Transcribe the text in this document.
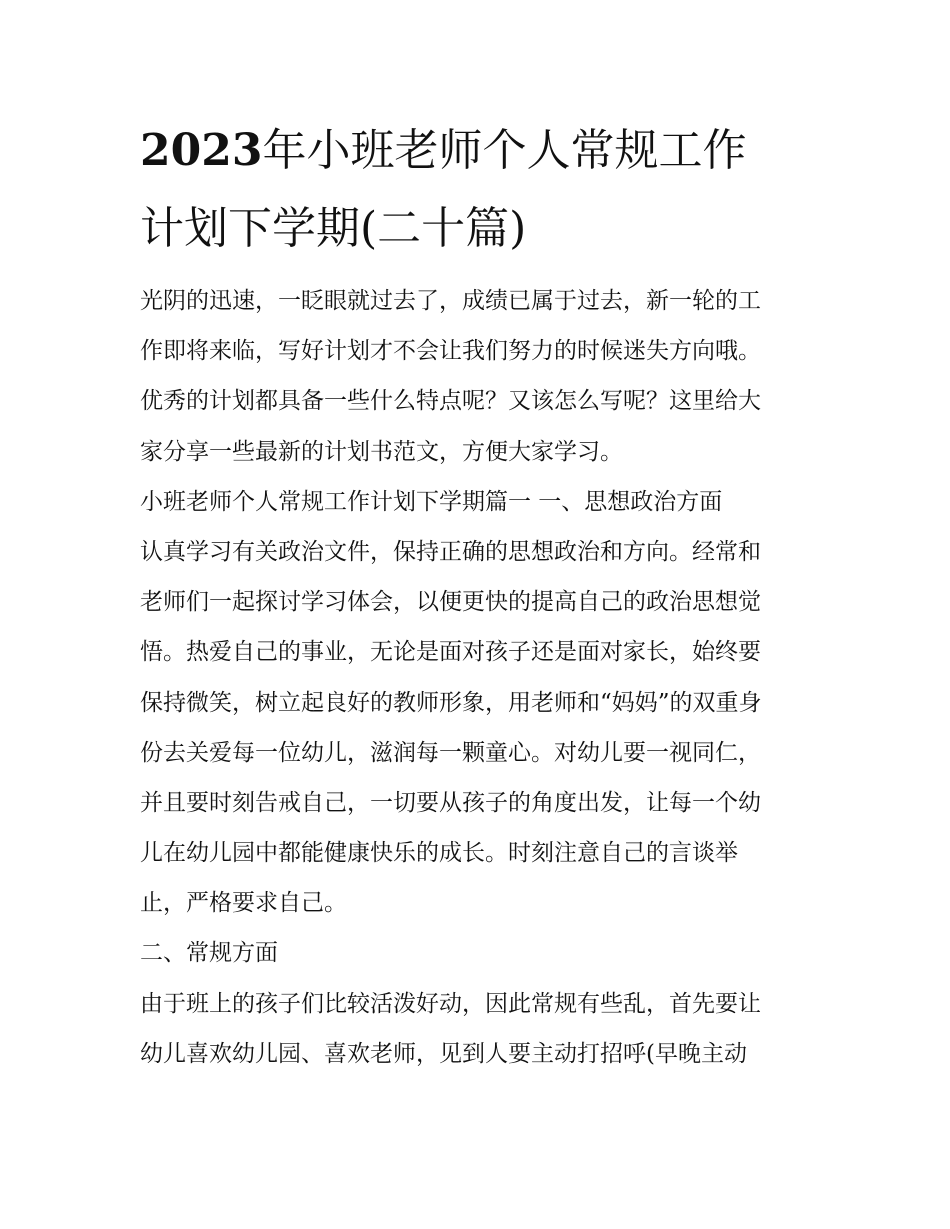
2023年小班老师个人常规工作
计划下学期(二十篇)
光阴的迅速，一眨眼就过去了，成绩已属于过去，新一轮的工
作即将来临，写好计划才不会让我们努力的时候迷失方向哦。
优秀的计划都具备一些什么特点呢？又该怎么写呢？这里给大
家分享一些最新的计划书范文，方便大家学习。
小班老师个人常规工作计划下学期篇一 一、思想政治方面
认真学习有关政治文件，保持正确的思想政治和方向。经常和
老师们一起探讨学习体会，以便更快的提高自己的政治思想觉
悟。热爱自己的事业，无论是面对孩子还是面对家长，始终要
保持微笑，树立起良好的教师形象，用老师和“妈妈”的双重身
份去关爱每一位幼儿，滋润每一颗童心。对幼儿要一视同仁，
并且要时刻告戒自己，一切要从孩子的角度出发，让每一个幼
儿在幼儿园中都能健康快乐的成长。时刻注意自己的言谈举
止，严格要求自己。
二、常规方面
由于班上的孩子们比较活泼好动，因此常规有些乱，首先要让
幼儿喜欢幼儿园、喜欢老师，见到人要主动打招呼(早晚主动
